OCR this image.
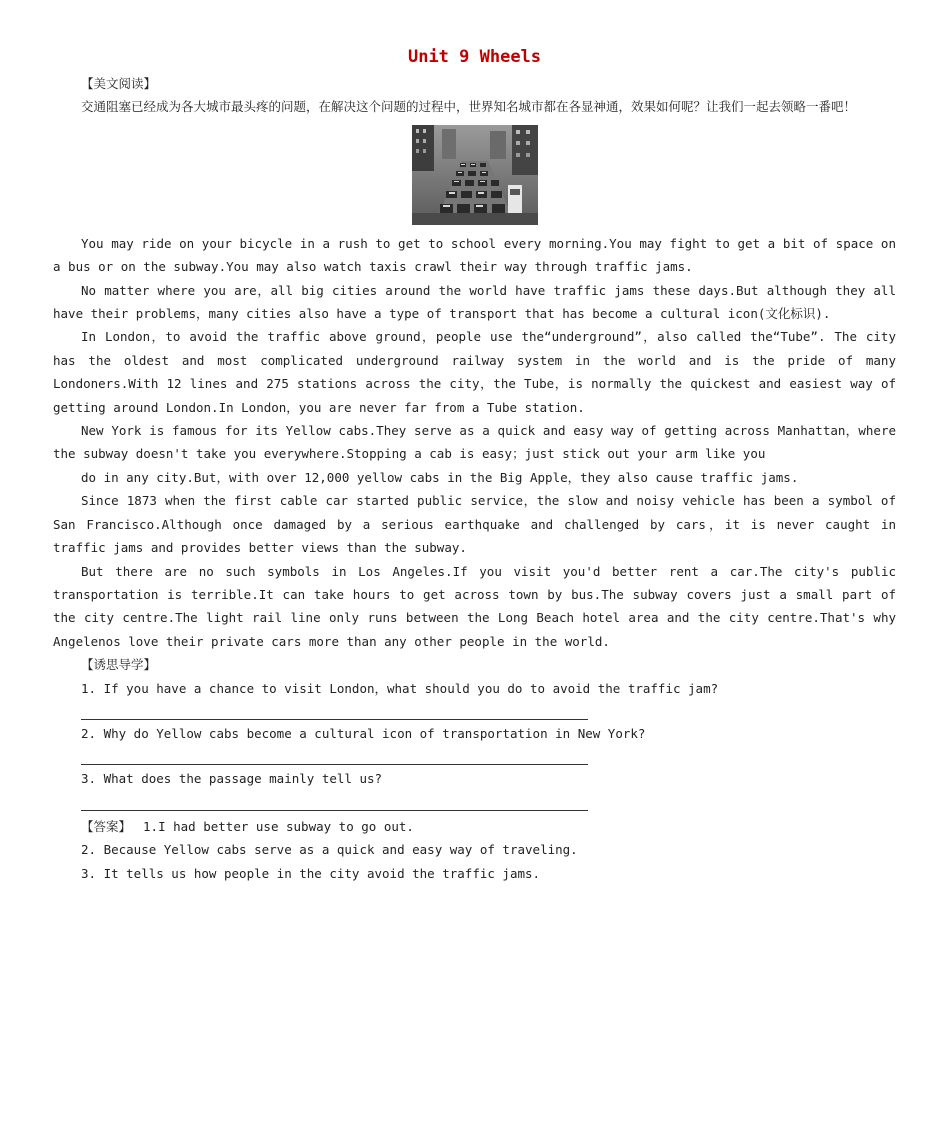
Unit 9 Wheels
【美文阅读】

交通阻塞已经成为各大城市最头疼的问题，在解决这个问题的过程中，世界知名城市都在各显神通，效果如何呢？让我们一起去领略一番吧！

You may ride on your bicycle in a rush to get to school every morning.You may fight to get a bit of space on a bus or on the subway.You may also watch taxis crawl their way through traffic jams.

No matter where you are，all big cities around the world have traffic jams these days.But although they all have their problems，many cities also have a type of transport that has become a cultural icon(文化标识).

In London，to avoid the traffic above ground，people use the“underground”，also called the“Tube”. The city has the oldest and most complicated underground railway system in the world and is the pride of many Londoners.With 12 lines and 275 stations across the city，the Tube，is normally the quickest and easiest way of getting around London.In London，you are never far from a Tube station.

New York is famous for its Yellow cabs.They serve as a quick and easy way of getting across Manhattan，where the subway doesn't take you everywhere.Stopping a cab is easy；just stick out your arm like you

do in any city.But，with over 12,000 yellow cabs in the Big Apple，they also cause traffic jams.

Since 1873 when the first cable car started public service，the slow and noisy vehicle has been a symbol of San Francisco.Although once damaged by a serious earthquake and challenged by cars，it is never caught in traffic jams and provides better views than the subway.

But there are no such symbols in Los Angeles.If you visit you'd better rent a car.The city's public transportation is terrible.It can take hours to get across town by bus.The subway covers just a small part of the city centre.The light rail line only runs between the Long Beach hotel area and the city centre.That's why Angelenos love their private cars more than any other people in the world.

【诱思导学】
1. If you have a chance to visit London，what should you do to avoid the traffic jam?
2. Why do Yellow cabs become a cultural icon of transportation in New York?
3. What does the passage mainly tell us?
【答案】 1.I had better use subway to go out.
2. Because Yellow cabs serve as a quick and easy way of traveling.
3. It tells us how people in the city avoid the traffic jams.
